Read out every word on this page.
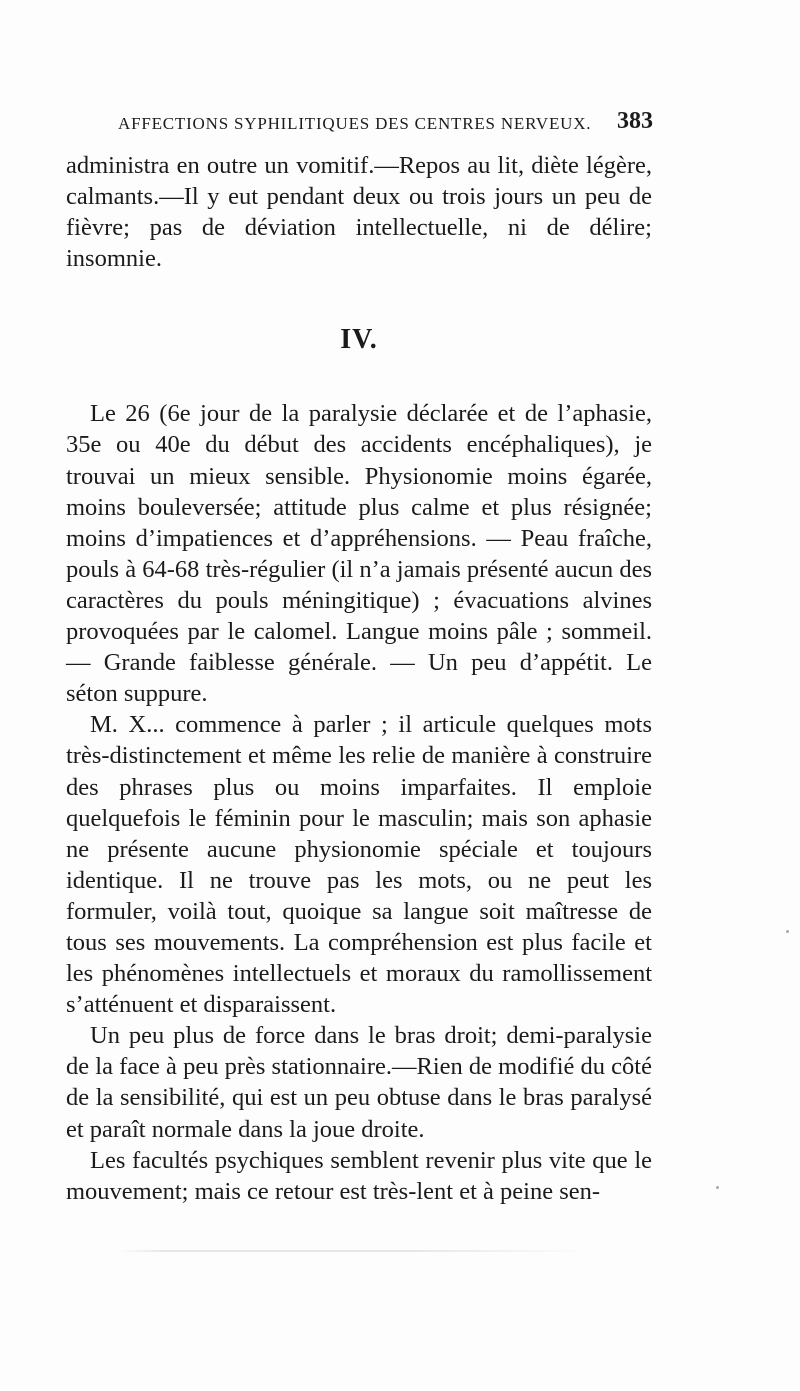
AFFECTIONS SYPHILITIQUES DES CENTRES NERVEUX. 383

administra en outre un vomitif.—Repos au lit, diète légère, calmants.—Il y eut pendant deux ou trois jours un peu de fièvre; pas de déviation intellectuelle, ni de délire; insomnie.

IV.

Le 26 (6e jour de la paralysie déclarée et de l’aphasie, 35e ou 40e du début des accidents encéphaliques), je trouvai un mieux sensible. Physionomie moins égarée, moins bouleversée; attitude plus calme et plus résignée; moins d’impatiences et d’appréhensions. — Peau fraîche, pouls à 64-68 très-régulier (il n’a jamais présenté aucun des caractères du pouls méningitique) ; évacuations alvines provoquées par le calomel. Langue moins pâle ; sommeil. — Grande faiblesse générale. — Un peu d’appétit. Le séton suppure.

M. X... commence à parler ; il articule quelques mots très-distinctement et même les relie de manière à construire des phrases plus ou moins imparfaites. Il emploie quelquefois le féminin pour le masculin; mais son aphasie ne présente aucune physionomie spéciale et toujours identique. Il ne trouve pas les mots, ou ne peut les formuler, voilà tout, quoique sa langue soit maîtresse de tous ses mouvements. La compréhension est plus facile et les phénomènes intellectuels et moraux du ramollissement s’atténuent et disparaissent.

Un peu plus de force dans le bras droit; demi-paralysie de la face à peu près stationnaire.—Rien de modifié du côté de la sensibilité, qui est un peu obtuse dans le bras paralysé et paraît normale dans la joue droite.

Les facultés psychiques semblent revenir plus vite que le mouvement; mais ce retour est très-lent et à peine sen-
